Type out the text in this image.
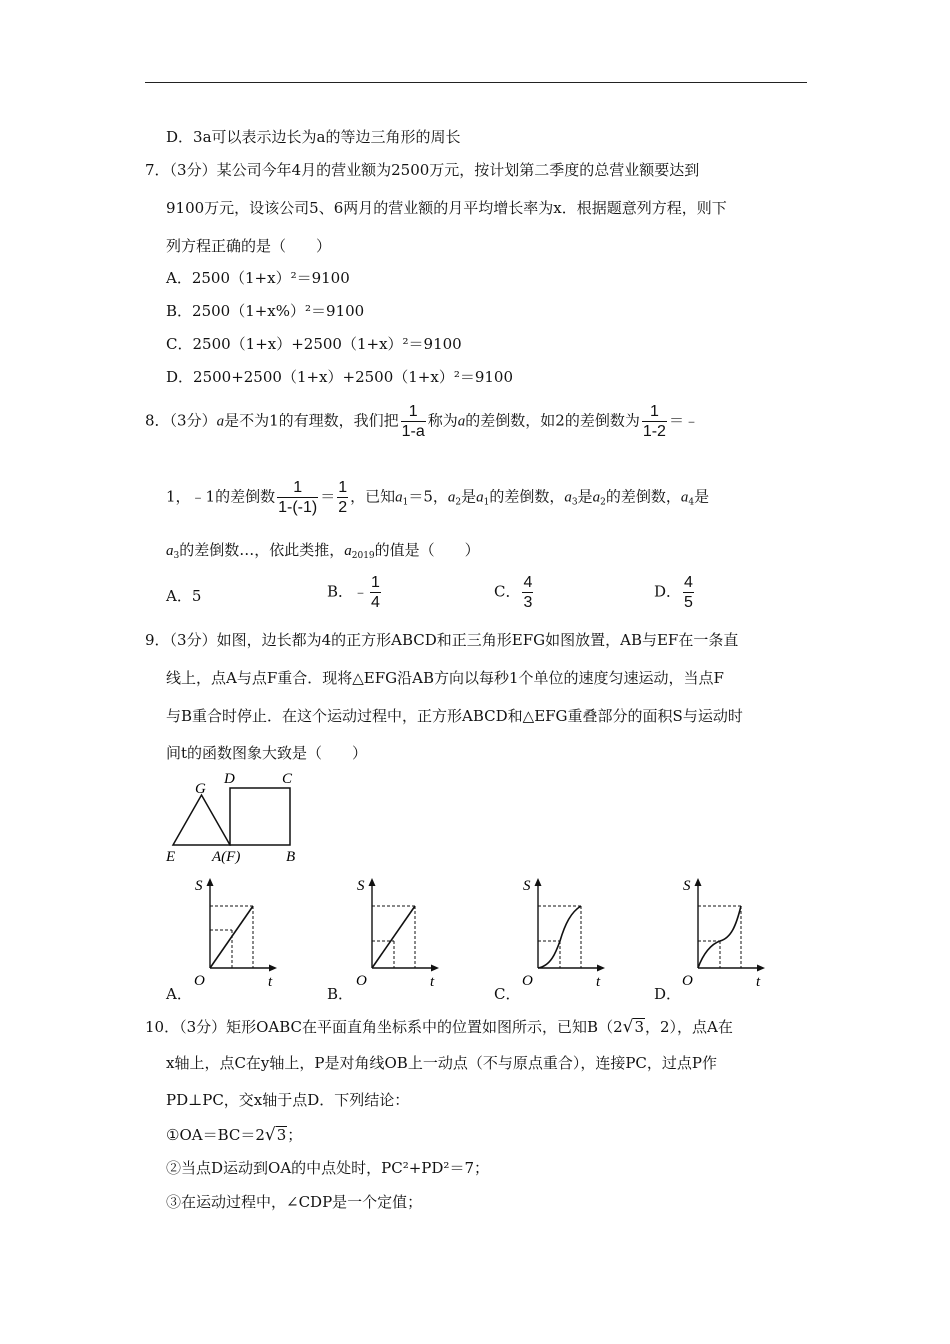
D．3a可以表示边长为a的等边三角形的周长
7．（3分）某公司今年4月的营业额为2500万元，按计划第二季度的总营业额要达到
9100万元，设该公司5、6两月的营业额的月平均增长率为x．根据题意列方程，则下
列方程正确的是（　　）
A．2500（1+x）²＝9100
B．2500（1+x%）²＝9100
C．2500（1+x）+2500（1+x）²＝9100
D．2500+2500（1+x）+2500（1+x）²＝9100
8．（3分）a是不为1的有理数，我们把 $\frac{1}{1-a}$ 称为a的差倒数，如2的差倒数为 $\frac{1}{1-2}$ ＝﹣
1，﹣1的差倒数 $\frac{1}{1-(-1)} = \frac{1}{2}$ ，已知$a_1=5$，$a_2$是$a_1$的差倒数，$a_3$是$a_2$的差倒数，$a_4$是
$a_3$的差倒数…，依此类推，$a_{2019}$的值是（　　）
A．5	B．﹣ $\frac{1}{4}$	C． $\frac{4}{3}$	D． $\frac{4}{5}$
9．（3分）如图，边长都为4的正方形ABCD和正三角形EFG如图放置，AB与EF在一条直
线上，点A与点F重合．现将△EFG沿AB方向以每秒1个单位的速度匀速运动，当点F
与B重合时停止．在这个运动过程中，正方形ABCD和△EFG重叠部分的面积S与运动时
间t的函数图象大致是（　　）
G
D	C
E A(F)	B
A．
S
O	t
B．
S
O	t
C．
S
O	t
D．
S
O	t
10．（3分）矩形OABC在平面直角坐标系中的位置如图所示，已知B（2√3，2），点A在
x轴上，点C在y轴上，P是对角线OB上一动点（不与原点重合），连接PC，过点P作
PD⊥PC，交x轴于点D．下列结论：
①OA＝BC＝2√3；
②当点D运动到OA的中点处时，PC²+PD²＝7；
③在运动过程中，∠CDP是一个定值；
